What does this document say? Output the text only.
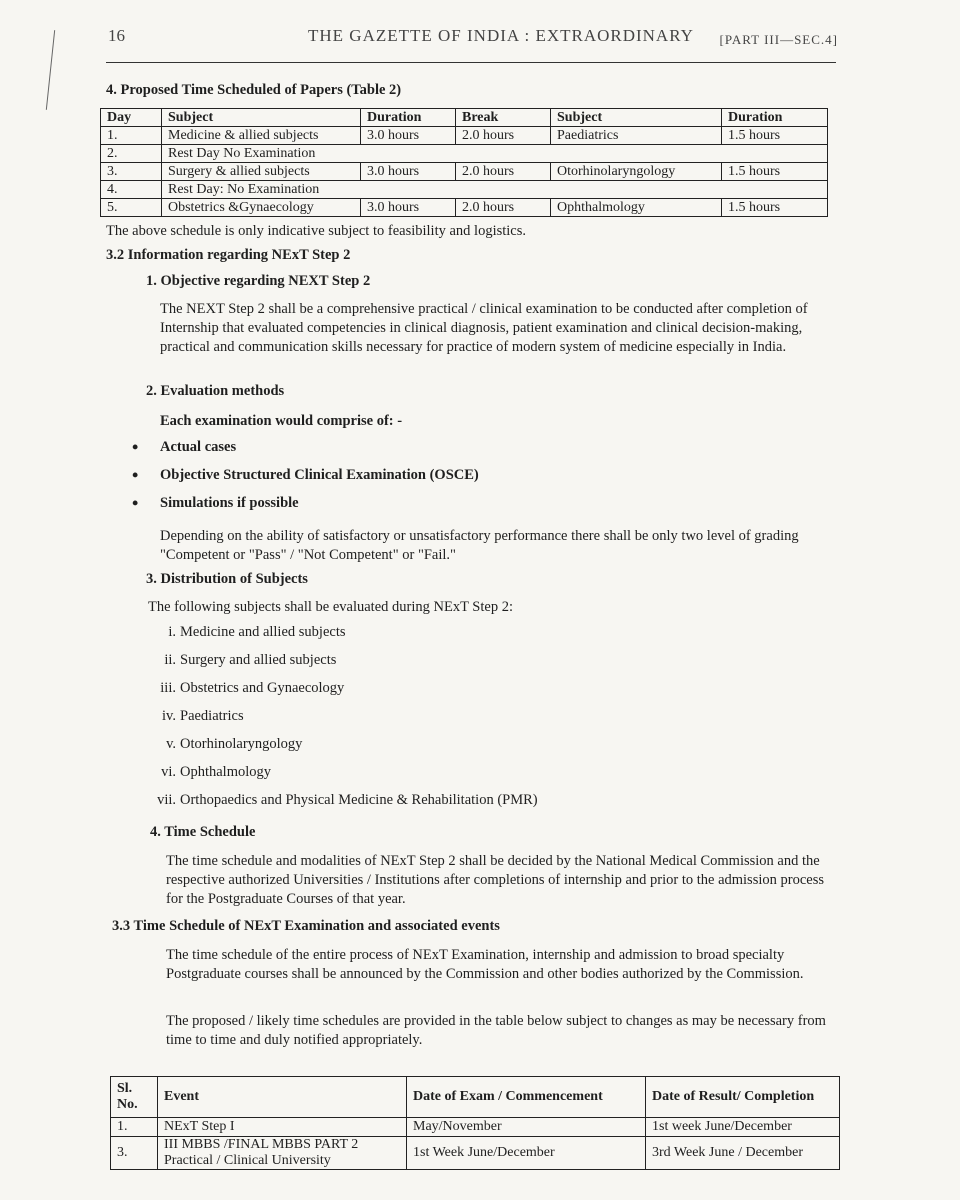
16	THE GAZETTE OF INDIA : EXTRAORDINARY [PART III—SEC.4]
4. Proposed Time Scheduled of Papers (Table 2)
Day	Subject	Duration	Break	Subject	Duration
1.	Medicine & allied subjects	3.0 hours	2.0 hours	Paediatrics	1.5 hours
2.	Rest Day No Examination				
3.	Surgery & allied subjects	3.0 hours	2.0 hours	Otorhinolaryngology	1.5 hours
4.	Rest Day: No Examination				
5.	Obstetrics &Gynaecology	3.0 hours	2.0 hours	Ophthalmology	1.5 hours
The above schedule is only indicative subject to feasibility and logistics.
3.2 Information regarding NExT Step 2
1. Objective regarding NEXT Step 2
The NEXT Step 2 shall be a comprehensive practical / clinical examination to be conducted after completion of Internship that evaluated competencies in clinical diagnosis, patient examination and clinical decision-making, practical and communication skills necessary for practice of modern system of medicine especially in India.
2. Evaluation methods
Each examination would comprise of: -
• Actual cases
• Objective Structured Clinical Examination (OSCE)
• Simulations if possible
Depending on the ability of satisfactory or unsatisfactory performance there shall be only two level of grading "Competent or "Pass" / "Not Competent" or "Fail."
3. Distribution of Subjects
The following subjects shall be evaluated during NExT Step 2:
i. Medicine and allied subjects
ii. Surgery and allied subjects
iii. Obstetrics and Gynaecology
iv. Paediatrics
v. Otorhinolaryngology
vi. Ophthalmology
vii. Orthopaedics and Physical Medicine & Rehabilitation (PMR)
4. Time Schedule
The time schedule and modalities of NExT Step 2 shall be decided by the National Medical Commission and the respective authorized Universities / Institutions after completions of internship and prior to the admission process for the Postgraduate Courses of that year.
3.3 Time Schedule of NExT Examination and associated events
The time schedule of the entire process of NExT Examination, internship and admission to broad specialty Postgraduate courses shall be announced by the Commission and other bodies authorized by the Commission.
The proposed / likely time schedules are provided in the table below subject to changes as may be necessary from time to time and duly notified appropriately.
Sl. No.	Event	Date of Exam / Commencement	Date of Result/ Completion
1.	NExT Step I	May/November	1st week June/December
3.	III MBBS /FINAL MBBS PART 2 Practical / Clinical University	1st Week June/December	3rd Week June / December
